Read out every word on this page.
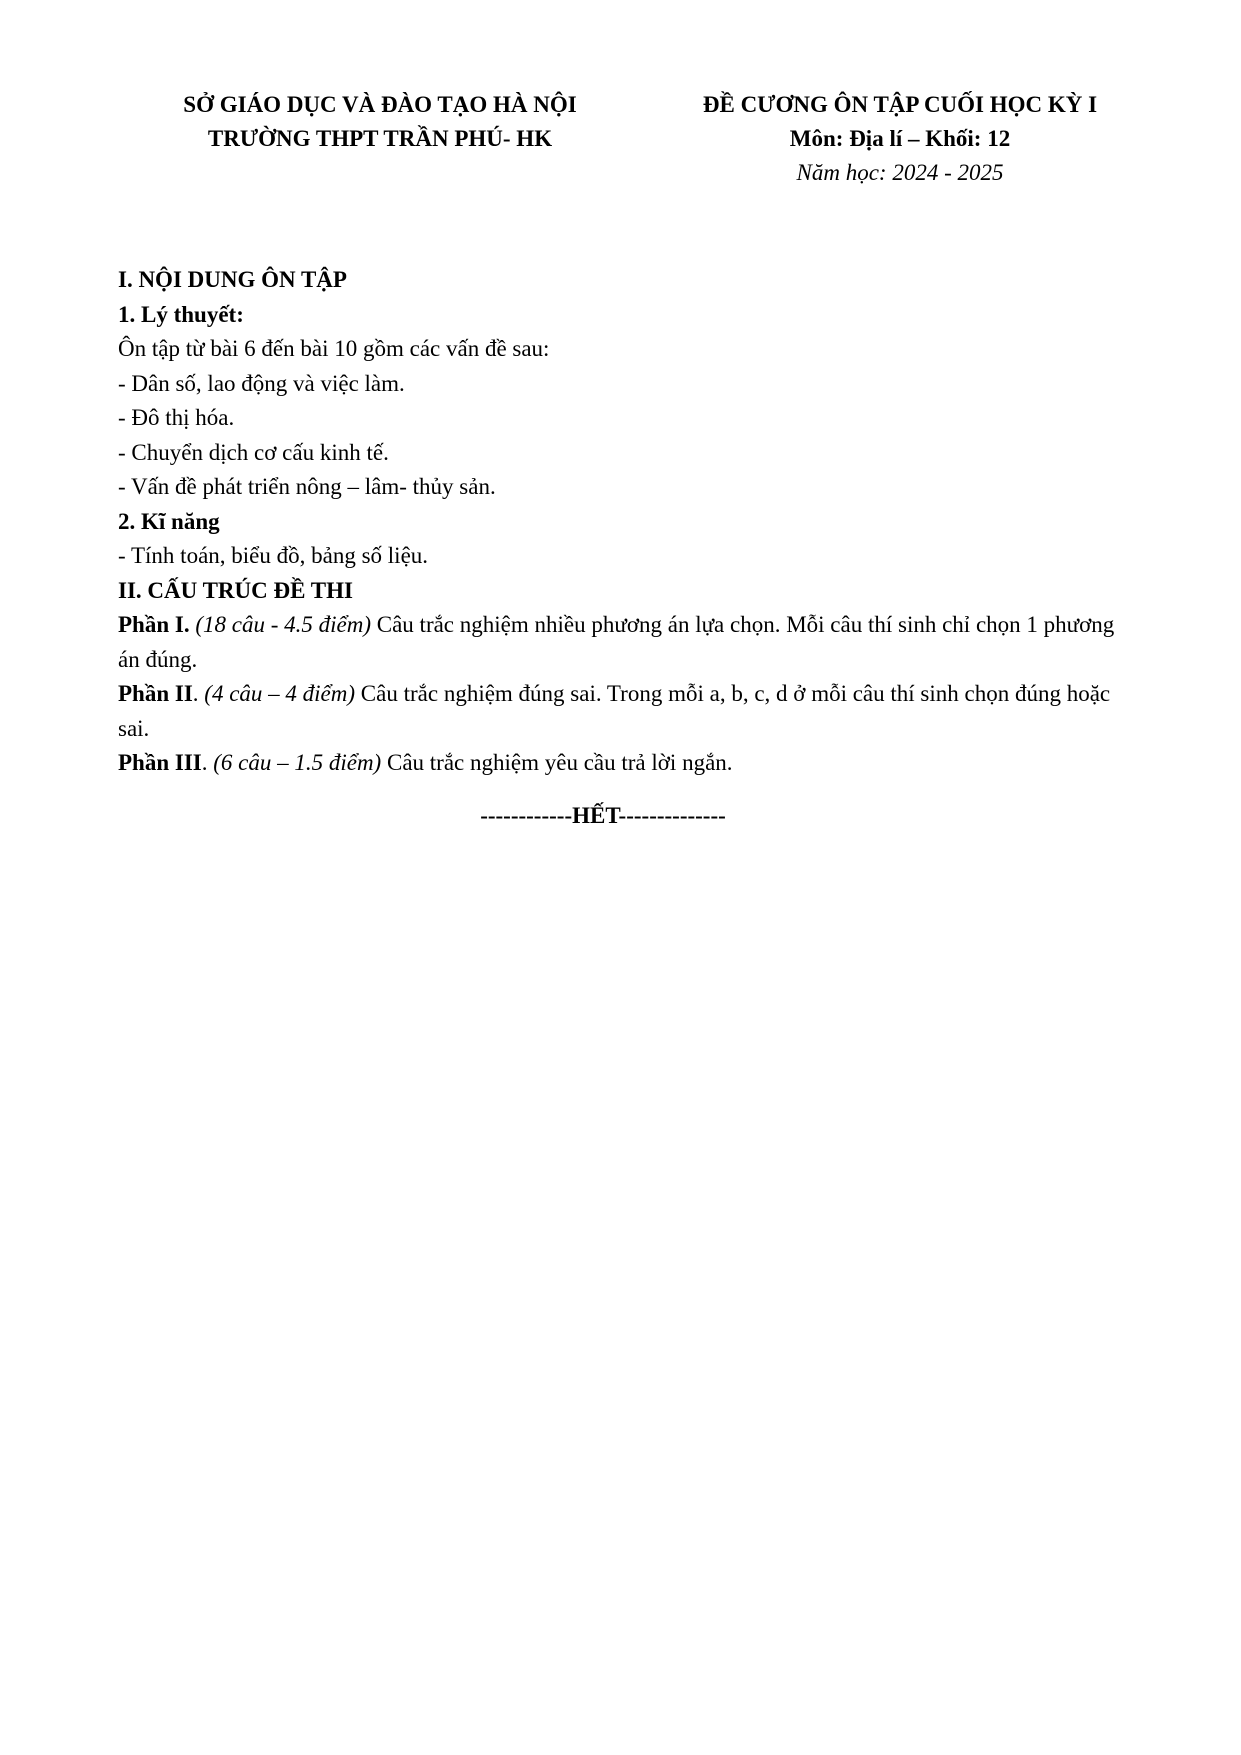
SỞ GIÁO DỤC VÀ ĐÀO TẠO HÀ NỘI
TRƯỜNG THPT TRẦN PHÚ- HK
ĐỀ CƯƠNG ÔN TẬP CUỐI HỌC KỲ I
Môn: Địa lí – Khối: 12
Năm học: 2024 - 2025

I. NỘI DUNG ÔN TẬP

1. Lý thuyết:

Ôn tập từ bài 6 đến bài 10 gồm các vấn đề sau:

- Dân số, lao động và việc làm.

- Đô thị hóa.

- Chuyển dịch cơ cấu kinh tế.

- Vấn đề phát triển nông – lâm- thủy sản.

2. Kĩ năng

- Tính toán, biểu đồ, bảng số liệu.

II. CẤU TRÚC ĐỀ THI

Phần I. (18 câu - 4.5 điểm) Câu trắc nghiệm nhiều phương án lựa chọn. Mỗi câu thí sinh chỉ chọn 1 phương án đúng.

Phần II. (4 câu – 4 điểm) Câu trắc nghiệm đúng sai. Trong mỗi a, b, c, d ở mỗi câu thí sinh chọn đúng hoặc sai.

Phần III. (6 câu – 1.5 điểm) Câu trắc nghiệm yêu cầu trả lời ngắn.

------------HẾT--------------
